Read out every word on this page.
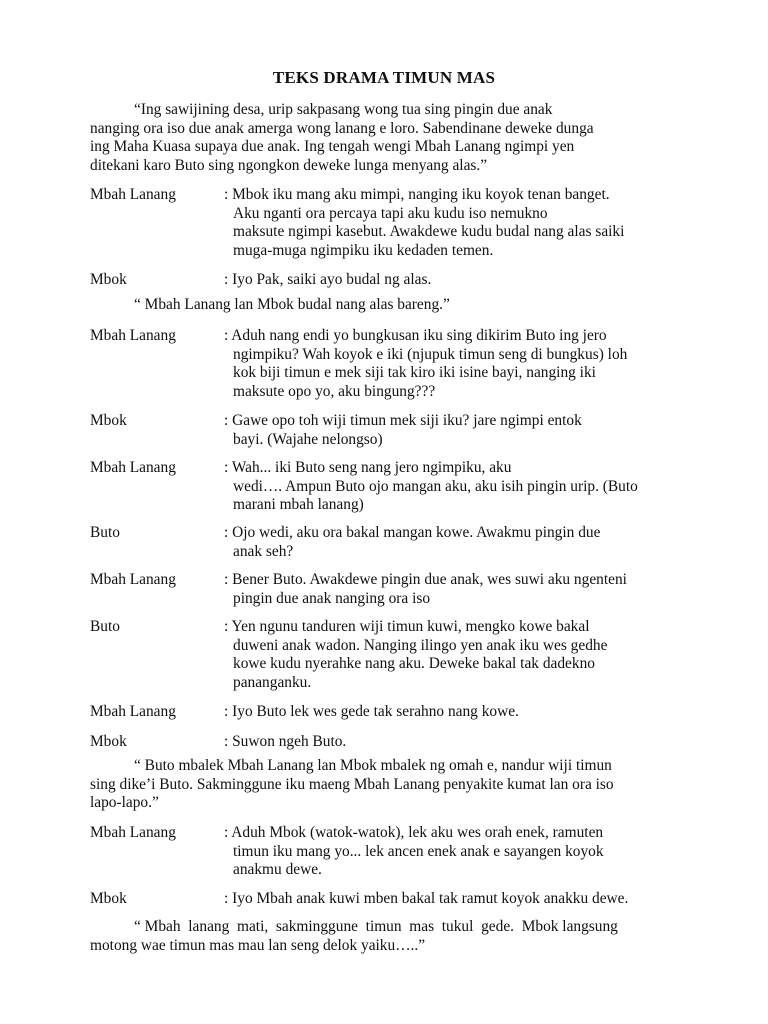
TEKS DRAMA TIMUN MAS
“Ing sawijining desa, urip sakpasang wong tua sing pingin due anak
nanging ora iso due anak amerga wong lanang e loro. Sabendinane deweke dunga
ing Maha Kuasa supaya due anak. Ing tengah wengi Mbah Lanang ngimpi yen
ditekani karo Buto sing ngongkon deweke lunga menyang alas.”
Mbah Lanang	: Mbok iku mang aku mimpi, nanging iku koyok tenan banget.
Aku nganti ora percaya tapi aku kudu iso nemukno
maksute ngimpi kasebut. Awakdewe kudu budal nang alas saiki
muga-muga ngimpiku iku kedaden temen.
Mbok	: Iyo Pak, saiki ayo budal ng alas.
“ Mbah Lanang lan Mbok budal nang alas bareng.”
Mbah Lanang	: Aduh nang endi yo bungkusan iku sing dikirim Buto ing jero
ngimpiku? Wah koyok e iki (njupuk timun seng di bungkus) loh
kok biji timun e mek siji tak kiro iki isine bayi, nanging iki
maksute opo yo, aku bingung???
Mbok	: Gawe opo toh wiji timun mek siji iku? jare ngimpi entok
bayi. (Wajahe nelongso)
Mbah Lanang	: Wah... iki Buto seng nang jero ngimpiku, aku
wedi…. Ampun Buto ojo mangan aku, aku isih pingin urip. (Buto
marani mbah lanang)
Buto	: Ojo wedi, aku ora bakal mangan kowe. Awakmu pingin due
anak seh?
Mbah Lanang	: Bener Buto. Awakdewe pingin due anak, wes suwi aku ngenteni
pingin due anak nanging ora iso
Buto	: Yen ngunu tanduren wiji timun kuwi, mengko kowe bakal
duweni anak wadon. Nanging ilingo yen anak iku wes gedhe
kowe kudu nyerahke nang aku. Deweke bakal tak dadekno
pananganku.
Mbah Lanang	: Iyo Buto lek wes gede tak serahno nang kowe.
Mbok	: Suwon ngeh Buto.
“ Buto mbalek Mbah Lanang lan Mbok mbalek ng omah e, nandur wiji timun
sing dike’i Buto. Sakminggune iku maeng Mbah Lanang penyakite kumat lan ora iso
lapo-lapo.”
Mbah Lanang	: Aduh Mbok (watok-watok), lek aku wes orah enek, ramuten
timun iku mang yo... lek ancen enek anak e sayangen koyok
anakmu dewe.
Mbok	: Iyo Mbah anak kuwi mben bakal tak ramut koyok anakku dewe.
“ Mbah  lanang  mati,  sakminggune  timun  mas  tukul  gede.  Mbok langsung
motong wae timun mas mau lan seng delok yaiku…..”
